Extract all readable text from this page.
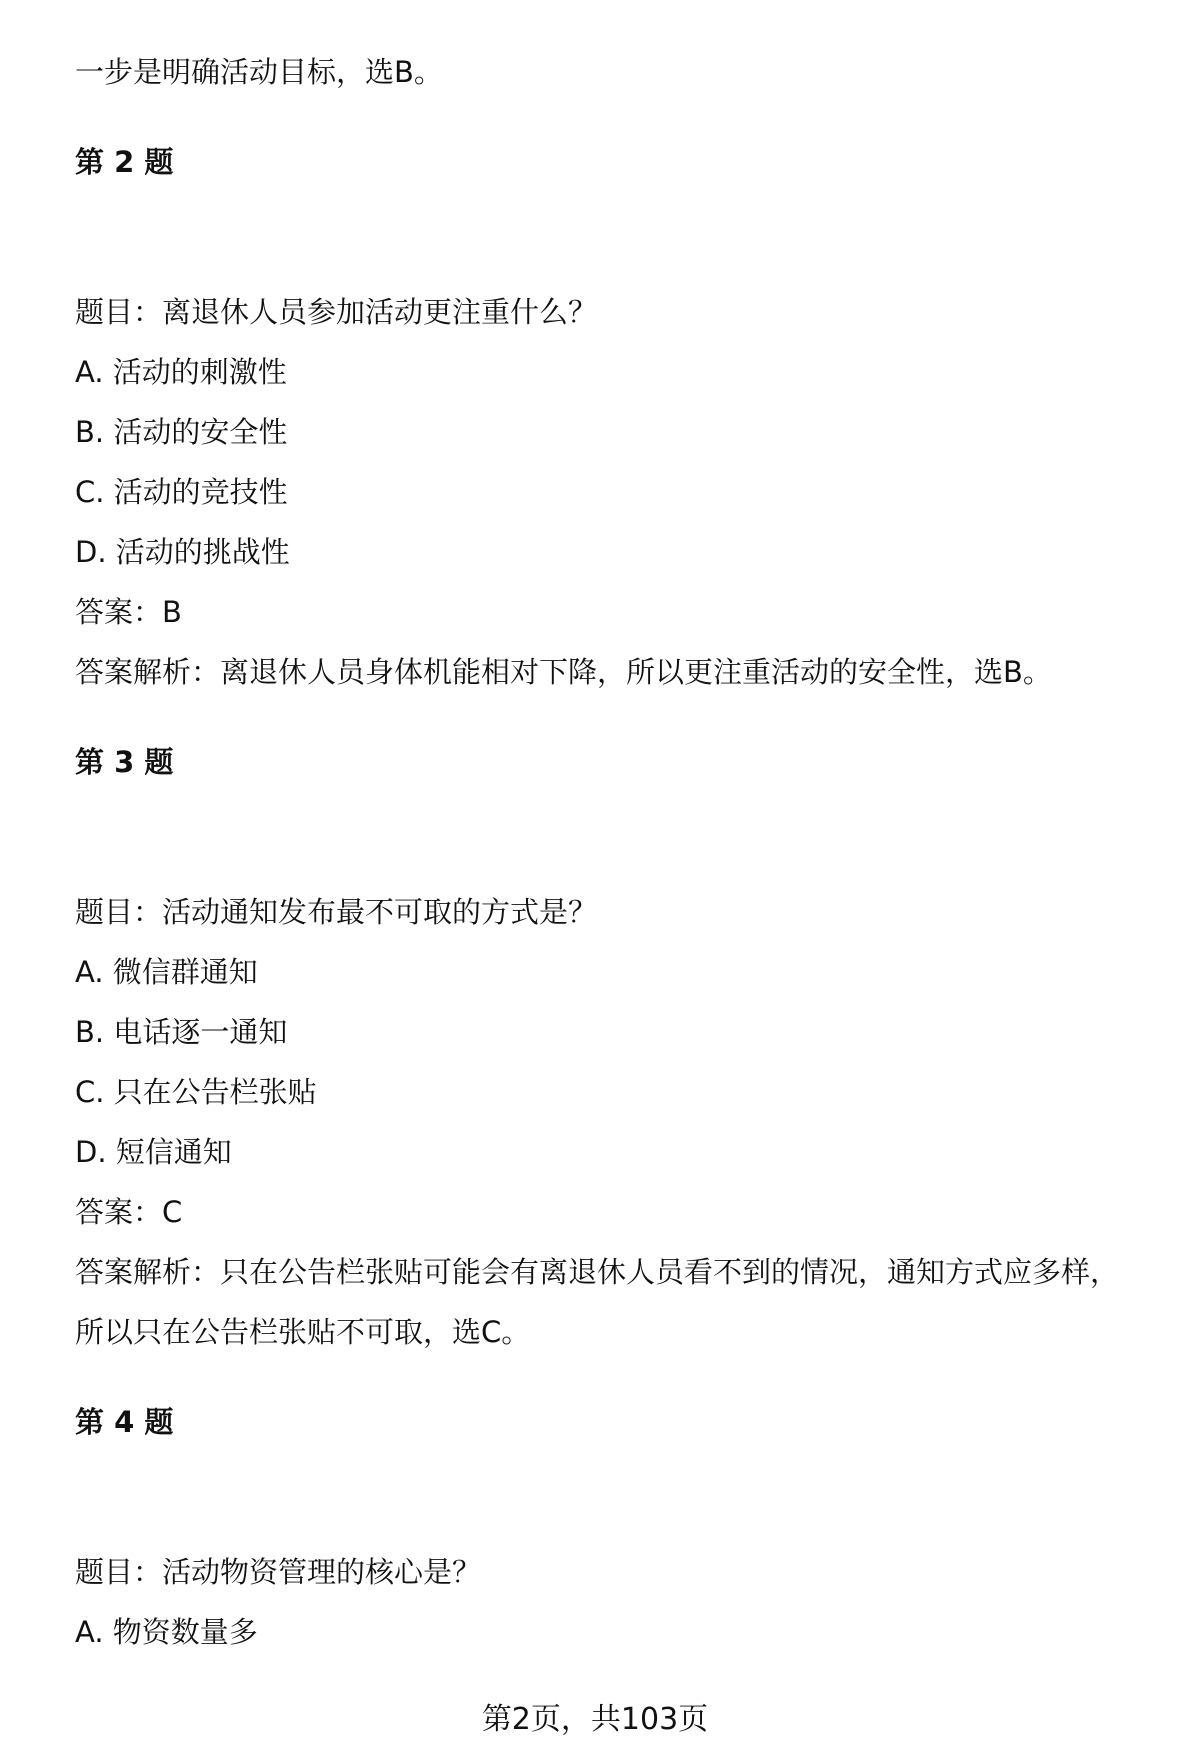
一步是明确活动目标，选B。

第 2 题

题目：离退休人员参加活动更注重什么？

A. 活动的刺激性

B. 活动的安全性

C. 活动的竞技性

D. 活动的挑战性

答案：B

答案解析：离退休人员身体机能相对下降，所以更注重活动的安全性，选B。

第 3 题

题目：活动通知发布最不可取的方式是？

A. 微信群通知

B. 电话逐一通知

C. 只在公告栏张贴

D. 短信通知

答案：C

答案解析：只在公告栏张贴可能会有离退休人员看不到的情况，通知方式应多样，

所以只在公告栏张贴不可取，选C。

第 4 题

题目：活动物资管理的核心是？

A. 物资数量多

第2页，共103页
